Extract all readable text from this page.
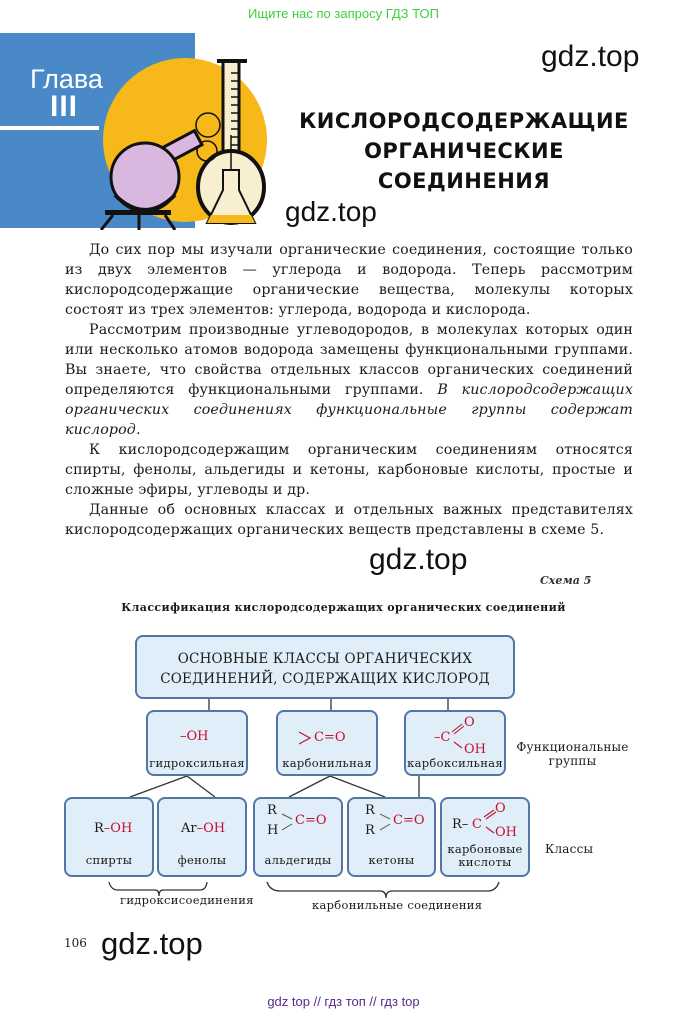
Ищите нас по запросу ГДЗ ТОП
Глава
III	КИСЛОРОДСОДЕРЖАЩИЕ
ОРГАНИЧЕСКИЕ
СОЕДИНЕНИЯ
gdz.top
gdz.top

До сих пор мы изучали органические соединения, состоящие только из двух элементов — углерода и водорода. Теперь рассмотрим кислородсодержащие органические вещества, молекулы которых состоят из трех элементов: углерода, водорода и кислорода.

Рассмотрим производные углеводородов, в молекулах которых один или несколько атомов водорода замещены функциональными группами. Вы знаете, что свойства отдельных классов органических соединений определяются функциональными группами. В кислородсодержащих органических соединениях функциональные группы содержат кислород.

К кислородсодержащим органическим соединениям относятся спирты, фенолы, альдегиды и кетоны, карбоновые кислоты, простые и сложные эфиры, углеводы и др.

Данные об основных классах и отдельных важных представителях кислородсодержащих органических веществ представлены в схеме 5.

gdz.top
Схема 5
Классификация кислородсодержащих органических соединений
ОСНОВНЫЕ КЛАССЫ ОРГАНИЧЕСКИХ
СОЕДИНЕНИЙ, СОДЕРЖАЩИХ КИСЛОРОД
–OH
гидроксильная
C=O
карбонильная
–C
O
OH
карбоксильная
Функциональные
группы
R–OH
спирты
Ar–OH
фенолы
R
H
C=O
альдегиды
R
R
C=O
кетоны
R– C
O
OH
карбоновые
кислоты
Классы
гидроксисоединения	карбонильные соединения
106 gdz.top
gdz top // гдз топ // гдз top
